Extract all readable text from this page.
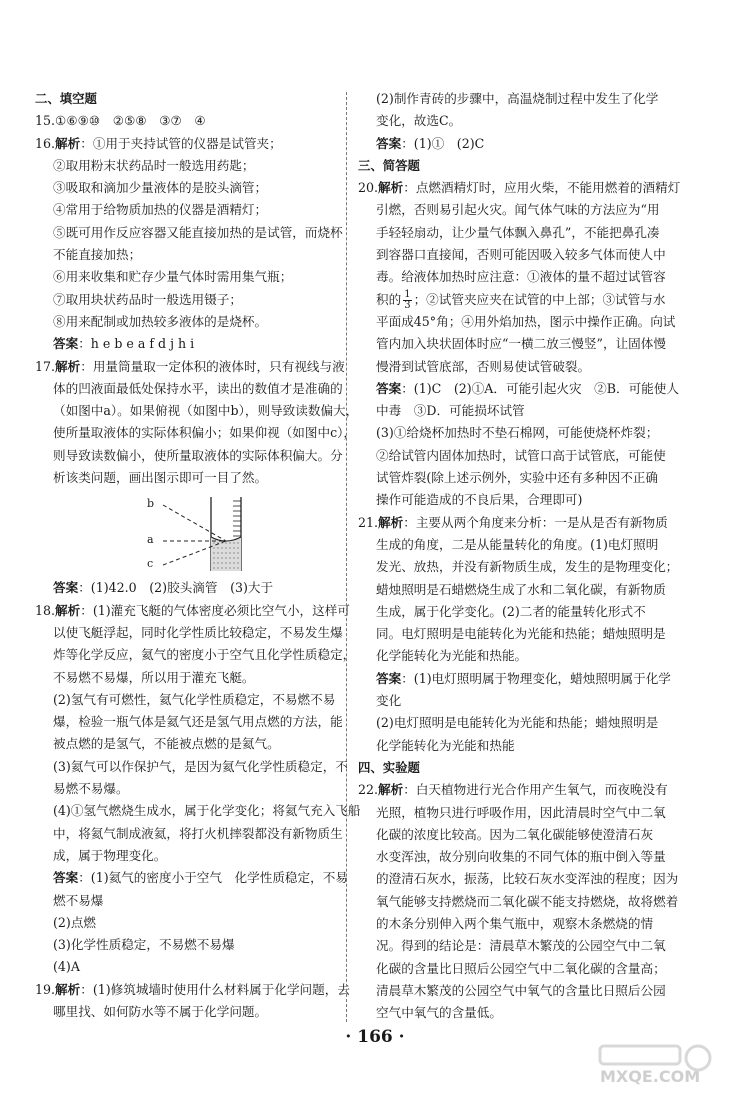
二、填空题
15.①⑥⑨⑩　②⑤⑧　③⑦　④
16.解析：①用于夹持试管的仪器是试管夹；
②取用粉末状药品时一般选用药匙；
③吸取和滴加少量液体的是胶头滴管；
④常用于给物质加热的仪器是酒精灯；
⑤既可用作反应容器又能直接加热的是试管，而烧杯
不能直接加热；
⑥用来收集和贮存少量气体时需用集气瓶；
⑦取用块状药品时一般选用镊子；
⑧用来配制或加热较多液体的是烧杯。
答案：h e b e a f d j h i
17.解析：用量筒量取一定体积的液体时，只有视线与液
体的凹液面最低处保持水平，读出的数值才是准确的
（如图中a）。如果俯视（如图中b），则导致读数偏大，
使所量取液体的实际体积偏小；如果仰视（如图中c），
则导致读数偏小，使所量取液体的实际体积偏大。分
析该类问题，画出图示即可一目了然。
b
a
c
答案：(1)42.0　(2)胶头滴管　(3)大于
18.解析：(1)灌充飞艇的气体密度必须比空气小，这样可
以使飞艇浮起，同时化学性质比较稳定，不易发生爆
炸等化学反应，氦气的密度小于空气且化学性质稳定，
不易燃不易爆，所以用于灌充飞艇。
(2)氢气有可燃性，氦气化学性质稳定，不易燃不易
爆，检验一瓶气体是氦气还是氢气用点燃的方法，能
被点燃的是氢气，不能被点燃的是氦气。
(3)氦气可以作保护气，是因为氦气化学性质稳定，不
易燃不易爆。
(4)①氢气燃烧生成水，属于化学变化；将氦气充入飞船
中，将氦气制成液氦，将打火机摔裂都没有新物质生
成，属于物理变化。
答案：(1)氦气的密度小于空气　化学性质稳定，不易
燃不易爆
(2)点燃
(3)化学性质稳定，不易燃不易爆
(4)A
19.解析：(1)修筑城墙时使用什么材料属于化学问题，去
哪里找、如何防水等不属于化学问题。
(2)制作青砖的步骤中，高温烧制过程中发生了化学
变化，故选C。
答案：(1)①　(2)C
三、简答题
20.解析：点燃酒精灯时，应用火柴，不能用燃着的酒精灯
引燃，否则易引起火灾。闻气体气味的方法应为“用
手轻轻扇动，让少量气体飘入鼻孔”，不能把鼻孔凑
到容器口直接闻，否则可能因吸入较多气体而使人中
毒。给液体加热时应注意：①液体的量不超过试管容
积的 $\frac{1}{3}$ ；②试管夹应夹在试管的中上部；③试管与水
平面成45°角；④用外焰加热，图示中操作正确。向试
管内加入块状固体时应“一横二放三慢竖”，让固体慢
慢滑到试管底部，否则易使试管破裂。
答案：(1)C　(2)①A．可能引起火灾　②B．可能使人
中毒　③D．可能损坏试管
(3)①给烧杯加热时不垫石棉网，可能使烧杯炸裂；
②给试管内固体加热时，试管口高于试管底，可能使
试管炸裂(除上述示例外，实验中还有多种因不正确
操作可能造成的不良后果，合理即可)
21.解析：主要从两个角度来分析：一是从是否有新物质
生成的角度，二是从能量转化的角度。(1)电灯照明
发光、放热，并没有新物质生成，发生的是物理变化；
蜡烛照明是石蜡燃烧生成了水和二氧化碳，有新物质
生成，属于化学变化。(2)二者的能量转化形式不
同。电灯照明是电能转化为光能和热能；蜡烛照明是
化学能转化为光能和热能。
答案：(1)电灯照明属于物理变化，蜡烛照明属于化学
变化
(2)电灯照明是电能转化为光能和热能；蜡烛照明是
化学能转化为光能和热能
四、实验题
22.解析：白天植物进行光合作用产生氧气，而夜晚没有
光照，植物只进行呼吸作用，因此清晨时空气中二氧
化碳的浓度比较高。因为二氧化碳能够使澄清石灰
水变浑浊，故分别向收集的不同气体的瓶中倒入等量
的澄清石灰水，振荡，比较石灰水变浑浊的程度；因为
氧气能够支持燃烧而二氧化碳不能支持燃烧，故将燃着
的木条分别伸入两个集气瓶中，观察木条燃烧的情
况。得到的结论是：清晨草木繁茂的公园空气中二氧
化碳的含量比日照后公园空气中二氧化碳的含量高；
清晨草木繁茂的公园空气中氧气的含量比日照后公园
空气中氧气的含量低。
· 166 ·
MXQE.COM
